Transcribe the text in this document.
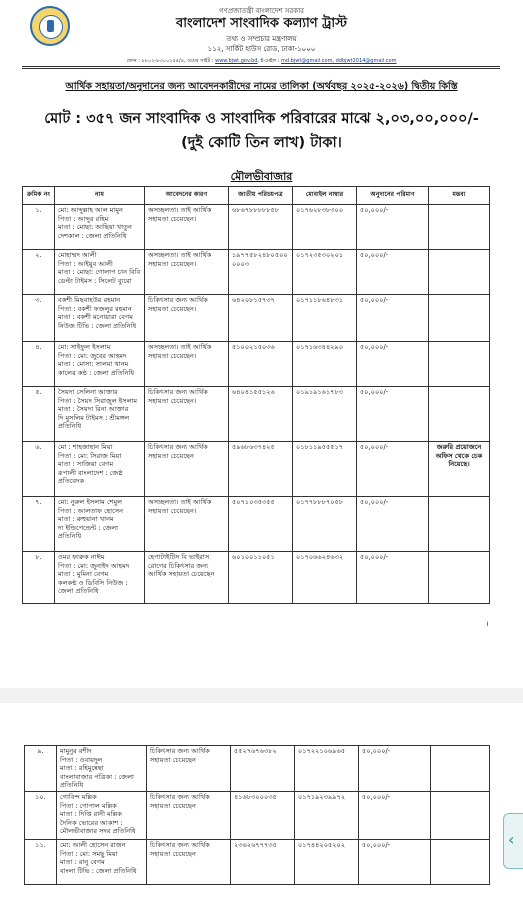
গণপ্রজাতন্ত্রী বাংলাদেশ সরকার
বাংলাদেশ সাংবাদিক কল্যাণ ট্রাস্ট
তথ্য ও সম্প্রচার মন্ত্রণালয়
১১২, সার্কিট হাউস রোড, ঢাকা-১০০০
ফোন : ৮৮০২-৮৩০০২৫৫/৪, ওয়েব সাইট : www.bjwt.gov.bd, ই-মেইল : md.bjwt@gmail.com, ddbjwt2014@gmail.com
আর্থিক সহায়তা/অনুদানের জন্য আবেদনকারীদের নামের তালিকা (অর্থবছর ২০২৫-২০২৬) দ্বিতীয় কিস্তি
মোট : ৩৫৭ জন সাংবাদিক ও সাংবাদিক পরিবারের মাঝে ২,০৩,০০,০০০/-
(দুই কোটি তিন লাখ) টাকা।
মৌলভীবাজার
ক্রমিক নং	নাম	আবেদনের কারণ	জাতীয় পরিচয়পত্র	মোবাইল নাম্বার	অনুদানের পরিমাণ	মন্তব্য
১.	মো: আব্দুল্লাহ আল মামুন
পিতা : আব্দুর রহিম
মাতা : মোছা: আছিয়া খাতুন
দেশকাল : জেলা প্রতিনিধি	অসচ্ছলতা। তাই আর্থিক সহায়তা চেয়েছেন।	৬৮৬৭৮৮৮৮৮৫৮	০১৭৬২৮৩৮৩০০	৫০,০০০/-	
২.	মোহাম্মদ আলী
পিতা : আইয়ুব আলী
মাতা : মোছা: গোলাপ চান বিবি
ডেল্টা টাইমস : সিলেট ব্যুরো	অসচ্ছলতা। তাই আর্থিক সহায়তা চেয়েছেন।	১৯৭৭৫৮২৪৮০৫০০০০০৩	০১৭২৩৫৩০২০১	৫০,০০০/-	
৩.	বকশী মিছবাহউর রহমান
পিতা : বকশী ফজলুর রহমান
মাতা : বকশী মনোয়ারা বেগম
নিউজ টিভি : জেলা প্রতিনিধি	চিকিৎসার জন্য আর্থিক সহায়তা চেয়েছেন।	৬৪২০৮১৫৭৩৭	০১৭১১৮৬৪৮৩১	৫০,০০০/-	
৪.	মো: সাইফুল ইসলাম
পিতা : মো: জুবের আহমদ
মাতা : মোসা: সালমা খানম
কালের কণ্ঠ : জেলা প্রতিনিধি	অসচ্ছলতা। তাই আর্থিক সহায়তা চেয়েছেন।	৫১০০২১৫০৩৬	০১৭১৬৩৪৪২৯০	৫০,০০০/-	
৫.	সৈয়দা সেলিনা আক্তার
পিতা : সৈয়দ সিরাজুল ইসলাম
মাতা : সৈয়দা রিনা আক্তার
দি মুসলিম টাইমস : শ্রীমঙ্গল প্রতিনিধি	চিকিৎসার জন্য আর্থিক সহায়তা চেয়েছেন।	৬৪০৪১৫৫১২৬	০১৯১৯১৬১৭৮৩	৫০,০০০/-	
৬.	মো : শাহজাহান মিয়া
পিতা : মো: সিরাজ মিয়া
মাতা : সাজিয়া বেগম
রূপালী বাংলাদেশ : জেষ্ঠ প্রতিবেদক	চিকিৎসার জন্য আর্থিক সহায়তা চেয়েছেন	৫৯৬৮৬৩৭৪২৫	০১৮১১৯৫৫৫১৭	৫০,০০০/-	জরুরি প্রয়োজনে অফিস থেকে চেক নিয়েছে।
৭.	মো: নুরুল ইসলাম শেমুল
পিতা : আলতাফ হোসেন
মাতা : রুহুয়ানা খানম
দ্য ইন্ডিপেন্ডেন্ট : জেলা প্রতিনিধি	অসচ্ছলতা। তাই আর্থিক সহায়তা চেয়েছেন।	৫০৭১০৩৫৩৫৫	০১৭৭৮৮৮৭০৫৮	৫০,০০০/-	
৮.	ওমর ফারুক নাঈম
পিতা : মো: জুনাইদ আহমদ
মাতা : মুমিনা বেগম
কলকণ্ঠ ও ডিবিসি নিউজ : জেলা প্রতিনিধি	হেপাটাইটিস বি ভাইরাস রোগের চিকিৎসার জন্য আর্থিক সহায়তা চেয়েছেন	৬০১০০১১০৫১	০১৭০৬৬২৪৬৩২	৫০,০০০/-	
।
৯.	মামুনুর রশীদ
পিতা : ওবায়দুল
মাতা : রহিমুন্নেছা
বাংলাবাজার পত্রিকা : জেলা প্রতিনিধি	চিকিৎসার জন্য আর্থিক সহায়তা চেয়েছেন	৫৫২৭৬৭৬৩৮২	০১৭২২১০৬৯৬৫	৫০,০০০/-	
১০.	গোবিন্দ মল্লিক
পিতা : গোপাল মল্লিক
মাতা : দিপ্তি রানী মল্লিক
দৈনিক ভোরের আকাশ : মৌলভীবাজার সদর প্রতিনিধি	চিকিৎসার জন্য আর্থিক সহায়তা চেয়েছেন	৪১৬৮৩০০০৩৫	০১৭১৯২৩৯৯৭২	৫০,০০০/-	
১১.	মো: আলী হোসেন রাজন
পিতা : মো: সমছু মিয়া
মাতা : রানু বেগম
বাংলা টিভি : জেলা প্রতিনিধি	চিকিৎসার জন্য আর্থিক সহায়তা চেয়েছেন	২৩৬২৬৭৭৭৩৫	০১৭৪৪২০৫২০২	৫০,০০০/-		‹
